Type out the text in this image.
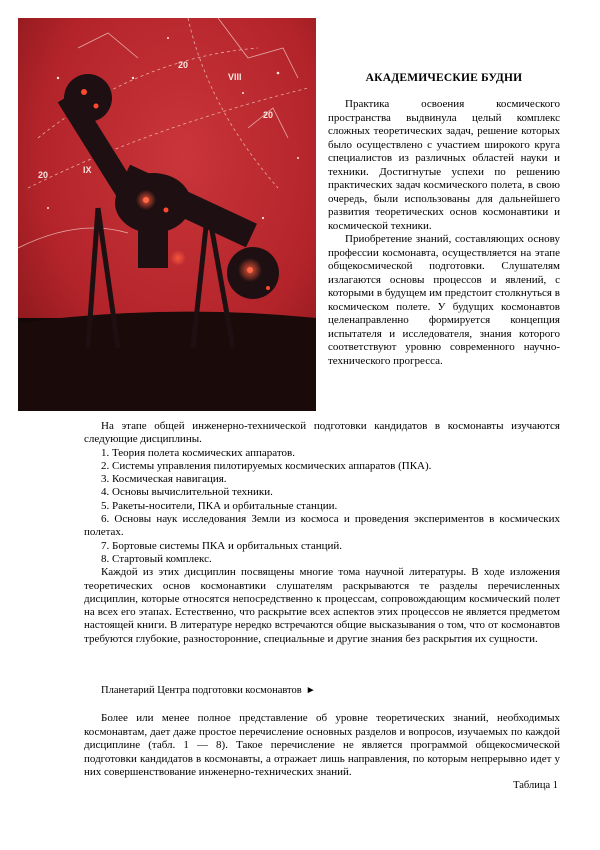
VIII
20
20
20	IX
АКАДЕМИЧЕСКИЕ БУДНИ

Практика освоения космического пространства выдвинула целый комплекс сложных теоретических задач, решение которых было осуществлено с участием широкого круга специалистов из различных областей науки и техники. Достигнутые успехи по решению практических задач космического полета, в свою очередь, были использованы для дальнейшего развития теоретических основ космонавтики и космической техники.

Приобретение знаний, составляющих основу профессии космонавта, осуществляется на этапе общекосмической подготовки. Слушателям излагаются основы процессов и явлений, с которыми в будущем им предстоит столкнуться в космическом полете. У будущих космонавтов целенаправленно формируется концепция испытателя и исследователя, знания которого соответствуют уровню современного научно-технического прогресса.

На этапе общей инженерно-технической подготовки кандидатов в космонавты изучаются следующие дисциплины.

1. Теория полета космических аппаратов.
2. Системы управления пилотируемых космических аппаратов (ПКА).
3. Космическая навигация.
4. Основы вычислительной техники.
5. Ракеты-носители, ПКА и орбитальные станции.
6. Основы наук исследования Земли из космоса и проведения экспериментов в космических полетах.
7. Бортовые системы ПКА и орбитальных станций.
8. Стартовый комплекс.

Каждой из этих дисциплин посвящены многие тома научной литературы. В ходе изложения теоретических основ космонавтики слушателям раскрываются те разделы перечисленных дисциплин, которые относятся непосредственно к процессам, сопровождающим космический полет на всех его этапах. Естественно, что раскрытие всех аспектов этих процессов не является предметом настоящей книги. В литературе нередко встречаются общие высказывания о том, что от космонавтов требуются глубокие, разносторонние, специальные и другие знания без раскрытия их сущности.

Планетарий Центра подготовки космонавтов ►

Более или менее полное представление об уровне теоретических знаний, необходимых космонавтам, дает даже простое перечисление основных разделов и вопросов, изучаемых по каждой дисциплине (табл. 1 — 8). Такое перечисление не является программой общекосмической подготовки кандидатов в космонавты, а отражает лишь направления, по которым непрерывно идет у них совершенствование инженерно-технических знаний.

Таблица 1
